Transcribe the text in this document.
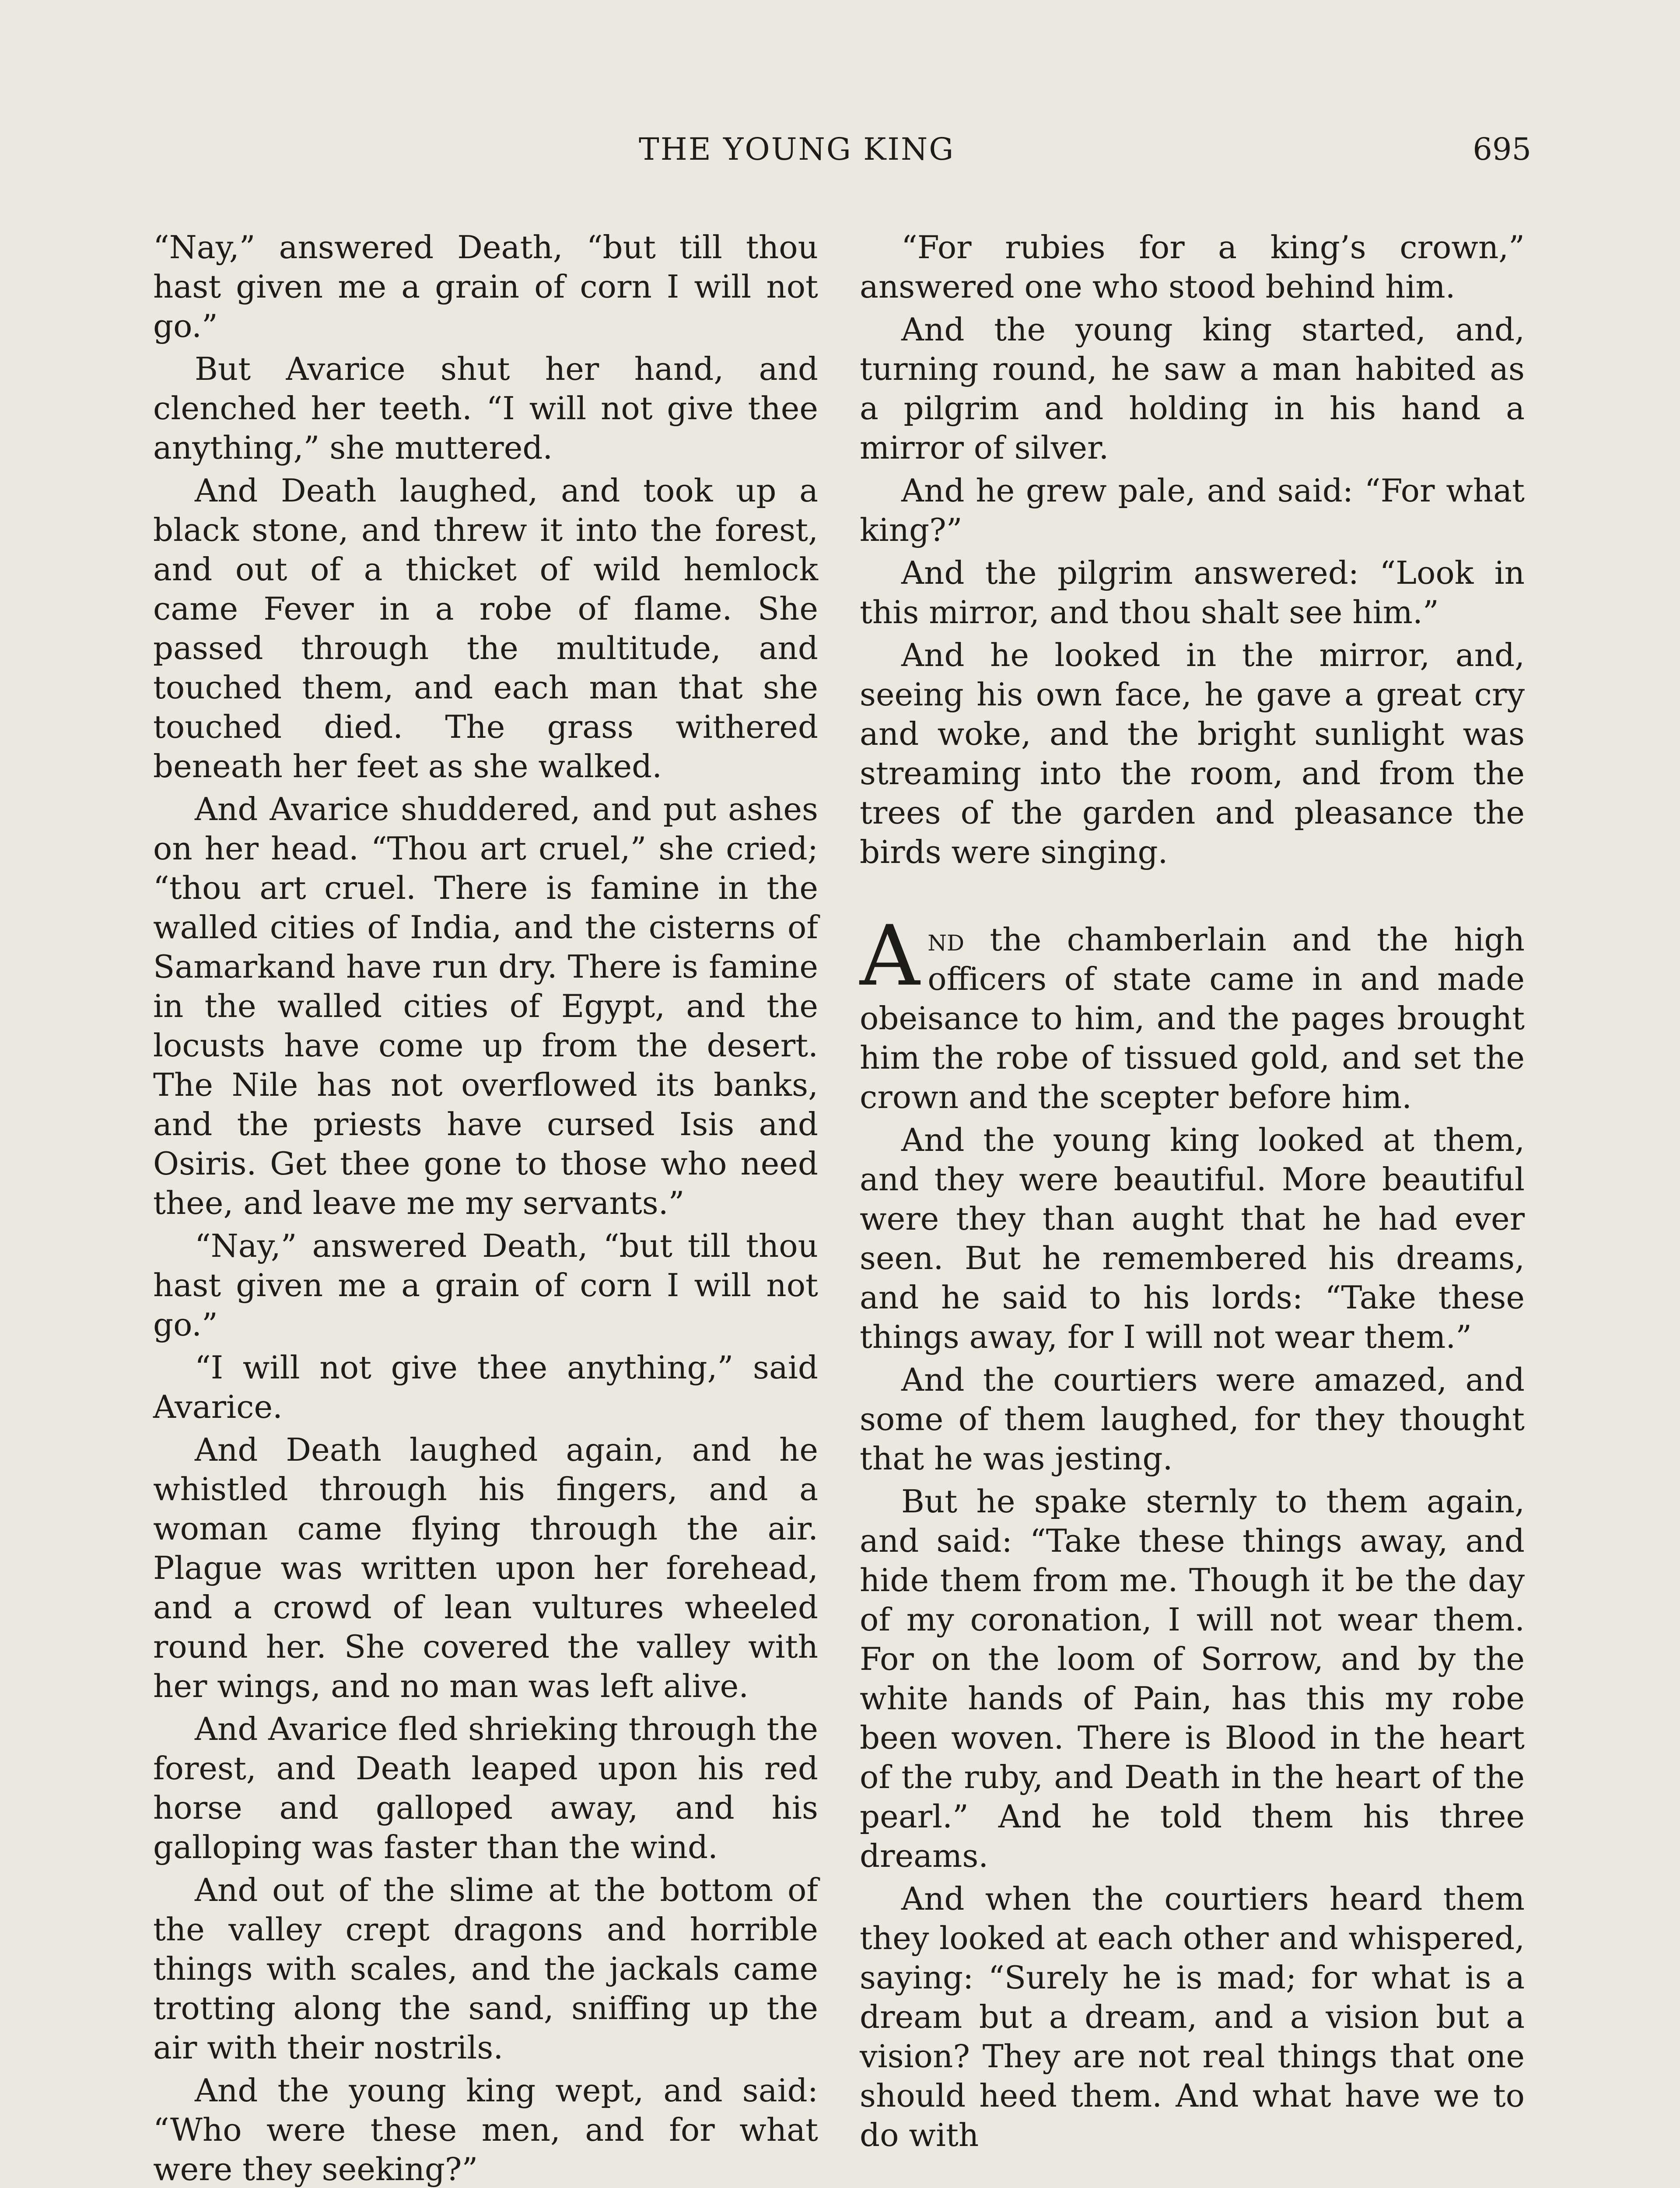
THE YOUNG KING	695

“Nay,” answered Death, “but till thou hast given me a grain of corn I will not go.”

But Avarice shut her hand, and clenched her teeth. “I will not give thee anything,” she muttered.

And Death laughed, and took up a black stone, and threw it into the forest, and out of a thicket of wild hemlock came Fever in a robe of flame. She passed through the multitude, and touched them, and each man that she touched died. The grass withered beneath her feet as she walked.

And Avarice shuddered, and put ashes on her head. “Thou art cruel,” she cried; “thou art cruel. There is famine in the walled cities of India, and the cisterns of Samarkand have run dry. There is famine in the walled cities of Egypt, and the locusts have come up from the desert. The Nile has not overflowed its banks, and the priests have cursed Isis and Osiris. Get thee gone to those who need thee, and leave me my servants.”

“Nay,” answered Death, “but till thou hast given me a grain of corn I will not go.”

“I will not give thee anything,” said Avarice.

And Death laughed again, and he whistled through his fingers, and a woman came flying through the air. Plague was written upon her forehead, and a crowd of lean vultures wheeled round her. She covered the valley with her wings, and no man was left alive.

And Avarice fled shrieking through the forest, and Death leaped upon his red horse and galloped away, and his galloping was faster than the wind.

And out of the slime at the bottom of the valley crept dragons and horrible things with scales, and the jackals came trotting along the sand, sniffing up the air with their nostrils.

And the young king wept, and said: “Who were these men, and for what were they seeking?”

“For rubies for a king’s crown,” answered one who stood behind him.

And the young king started, and, turning round, he saw a man habited as a pilgrim and holding in his hand a mirror of silver.

And he grew pale, and said: “For what king?”

And the pilgrim answered: “Look in this mirror, and thou shalt see him.”

And he looked in the mirror, and, seeing his own face, he gave a great cry and woke, and the bright sunlight was streaming into the room, and from the trees of the garden and pleasance the birds were singing.

And the chamberlain and the high officers of state came in and made obeisance to him, and the pages brought him the robe of tissued gold, and set the crown and the scepter before him.

And the young king looked at them, and they were beautiful. More beautiful were they than aught that he had ever seen. But he remembered his dreams, and he said to his lords: “Take these things away, for I will not wear them.”

And the courtiers were amazed, and some of them laughed, for they thought that he was jesting.

But he spake sternly to them again, and said: “Take these things away, and hide them from me. Though it be the day of my coronation, I will not wear them. For on the loom of Sorrow, and by the white hands of Pain, has this my robe been woven. There is Blood in the heart of the ruby, and Death in the heart of the pearl.” And he told them his three dreams.

And when the courtiers heard them they looked at each other and whispered, saying: “Surely he is mad; for what is a dream but a dream, and a vision but a vision? They are not real things that one should heed them. And what have we to do with
